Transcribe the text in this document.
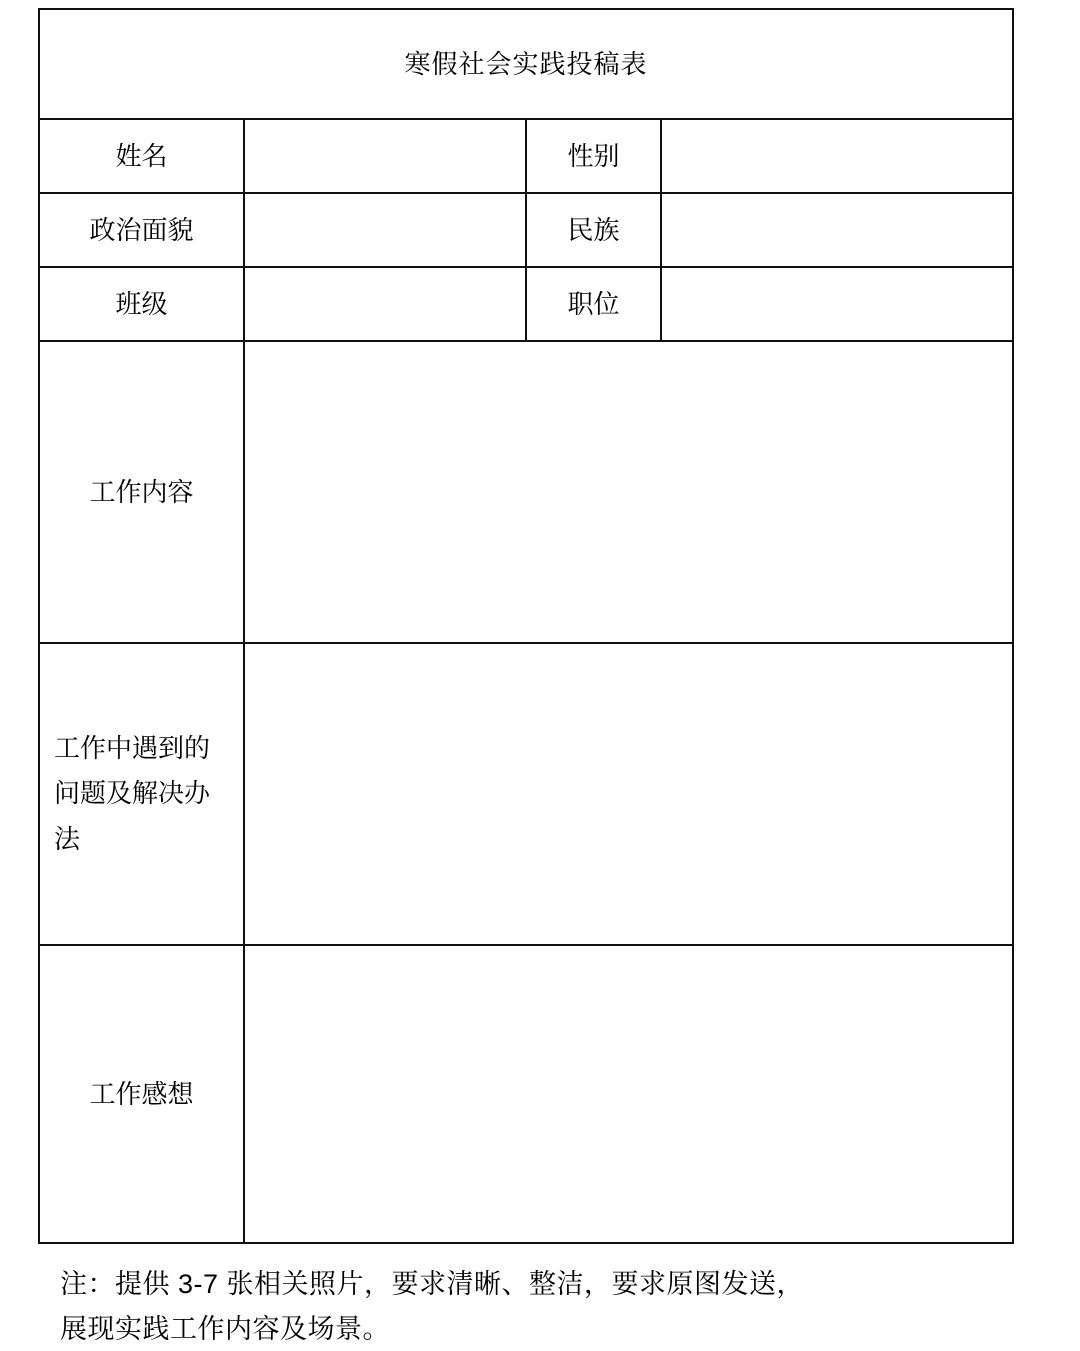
寒假社会实践投稿表			
姓名		性别	
政治面貌		民族	
班级		职位	
工作内容			

工作中遇到的
问题及解决办
法			

工作感想			
注：提供 3-7 张相关照片，要求清晰、整洁，要求原图发送，
展现实践工作内容及场景。
